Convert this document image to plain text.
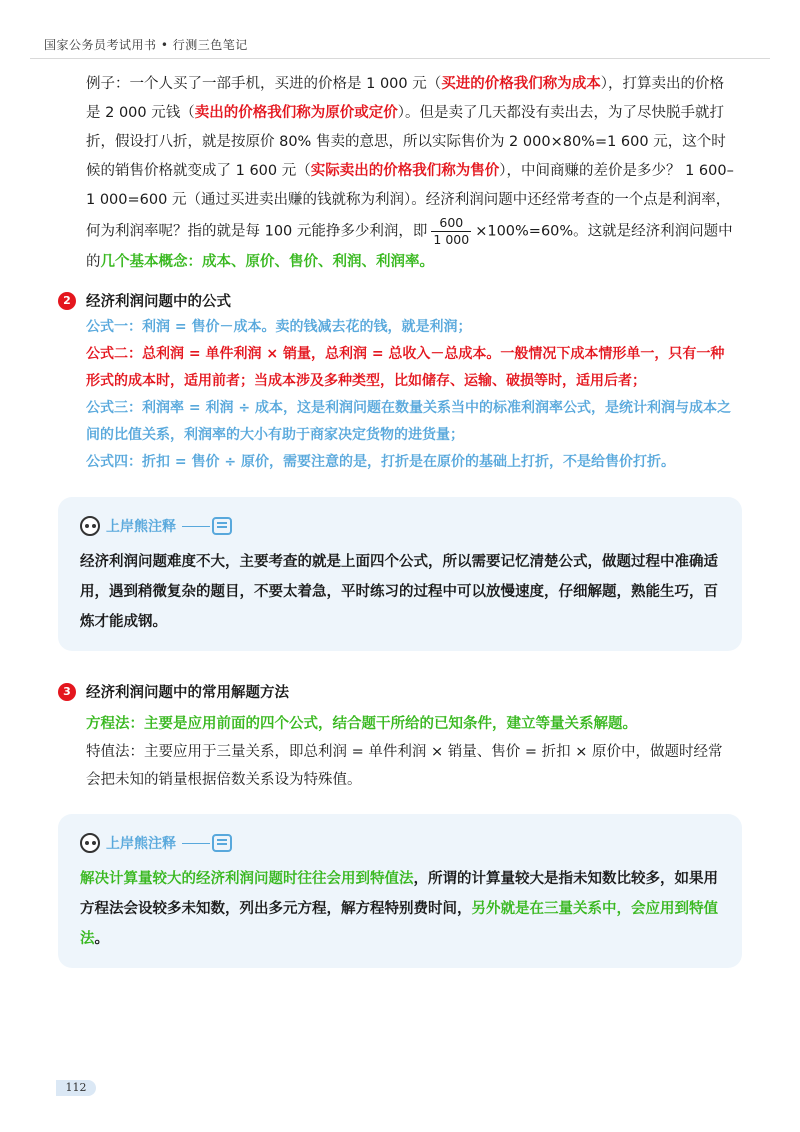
国家公务员考试用书 • 行测三色笔记
例子：一个人买了一部手机，买进的价格是 1 000 元（买进的价格我们称为成本），打算卖出的价格是 2 000 元钱（卖出的价格我们称为原价或定价）。但是卖了几天都没有卖出去，为了尽快脱手就打折，假设打八折，就是按原价 80% 售卖的意思，所以实际售价为 2 000×80%=1 600 元，这个时候的销售价格就变成了 1 600 元（实际卖出的价格我们称为售价），中间商赚的差价是多少？ 1 600–1 000=600 元（通过买进卖出赚的钱就称为利润）。经济利润问题中还经常考查的一个点是利润率，何为利润率呢？指的就是每 100 元能挣多少利润，即 $\frac{600}{1 000} \times 100\%=60\%$。这就是经济利润问题中的几个基本概念：成本、原价、售价、利润、利润率。
2	经济利润问题中的公式
公式一：利润 = 售价－成本。卖的钱减去花的钱，就是利润；
公式二：总利润 = 单件利润 × 销量，总利润 = 总收入－总成本。一般情况下成本情形单一，只有一种形式的成本时，适用前者；当成本涉及多种类型，比如储存、运输、破损等时，适用后者；
公式三：利润率 = 利润 ÷ 成本，这是利润问题在数量关系当中的标准利润率公式，是统计利润与成本之间的比值关系，利润率的大小有助于商家决定货物的进货量；
公式四：折扣 = 售价 ÷ 原价，需要注意的是，打折是在原价的基础上打折，不是给售价打折。
上岸熊注释
经济利润问题难度不大，主要考查的就是上面四个公式，所以需要记忆清楚公式，做题过程中准确适用，遇到稍微复杂的题目，不要太着急，平时练习的过程中可以放慢速度，仔细解题，熟能生巧，百炼才能成钢。
3	经济利润问题中的常用解题方法
方程法：主要是应用前面的四个公式，结合题干所给的已知条件，建立等量关系解题。
特值法：主要应用于三量关系，即总利润 = 单件利润 × 销量、售价 = 折扣 × 原价中，做题时经常会把未知的销量根据倍数关系设为特殊值。
上岸熊注释
解决计算量较大的经济利润问题时往往会用到特值法，所谓的计算量较大是指未知数比较多，如果用方程法会设较多未知数，列出多元方程，解方程特别费时间，另外就是在三量关系中，会应用到特值法。
112
